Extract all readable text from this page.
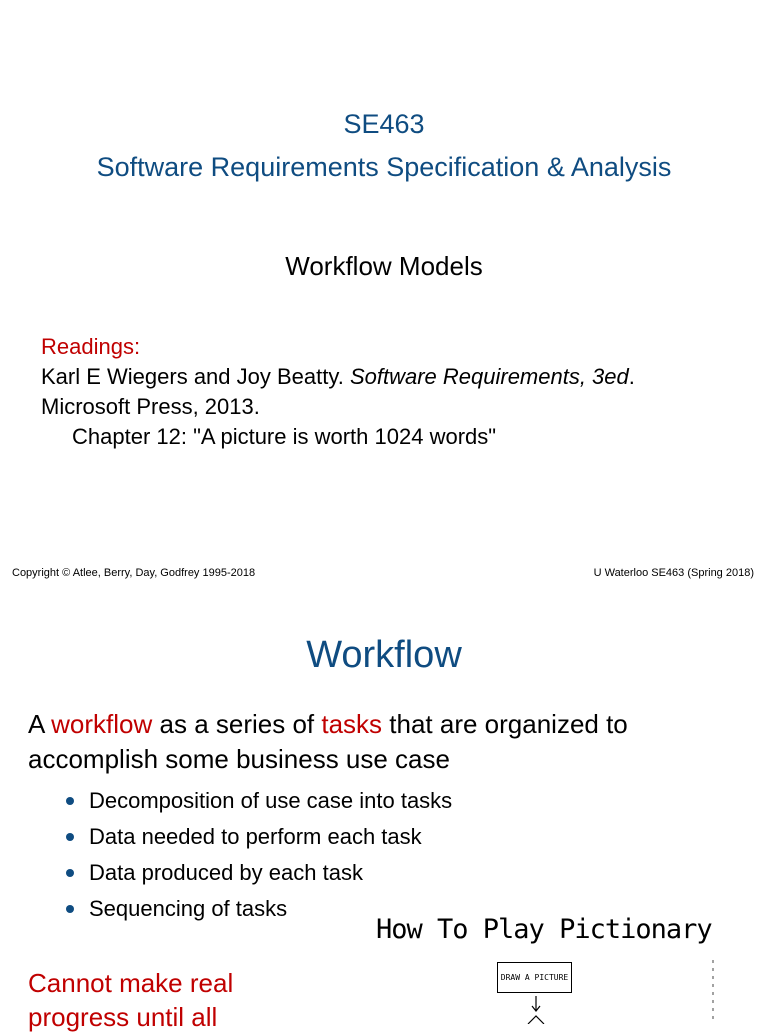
SE463
Software Requirements Specification & Analysis
Workflow Models
Readings:
Karl E Wiegers and Joy Beatty. Software Requirements, 3ed.
Microsoft Press, 2013.
Chapter 12: "A picture is worth 1024 words"
Copyright © Atlee, Berry, Day, Godfrey 1995-2018	U Waterloo SE463 (Spring 2018)
Workflow
A workflow as a series of tasks that are organized to accomplish some business use case
Decomposition of use case into tasks
Data needed to perform each task
Data produced by each task
Sequencing of tasks
Cannot make real progress until all
How To Play Pictionary
DRAW A PICTURE
